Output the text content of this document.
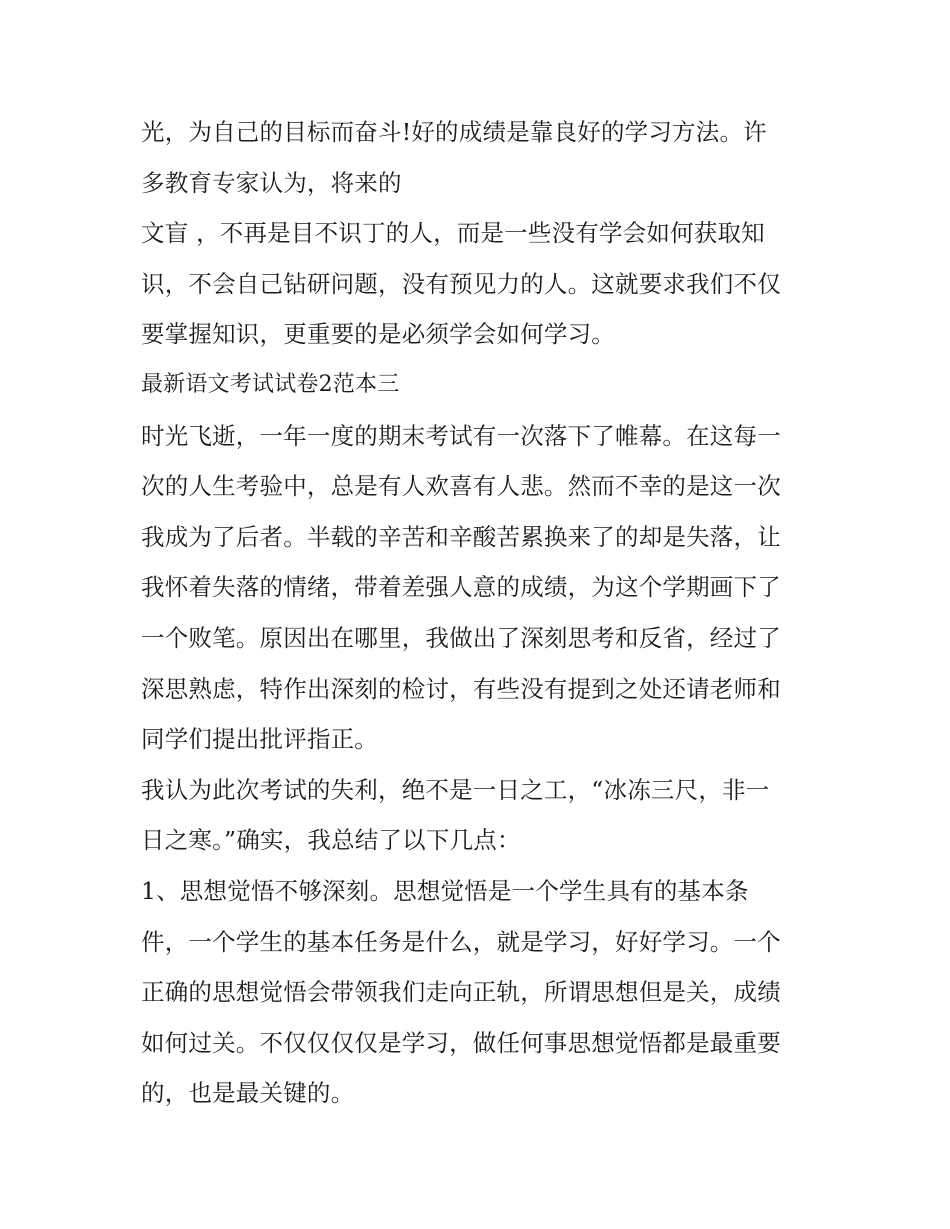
光，为自己的目标而奋斗!好的成绩是靠良好的学习方法。许
多教育专家认为，将来的
文盲 ，不再是目不识丁的人，而是一些没有学会如何获取知
识，不会自己钻研问题，没有预见力的人。这就要求我们不仅
要掌握知识，更重要的是必须学会如何学习。
最新语文考试试卷2范本三
时光飞逝，一年一度的期末考试有一次落下了帷幕。在这每一
次的人生考验中，总是有人欢喜有人悲。然而不幸的是这一次
我成为了后者。半载的辛苦和辛酸苦累换来了的却是失落，让
我怀着失落的情绪，带着差强人意的成绩，为这个学期画下了
一个败笔。原因出在哪里，我做出了深刻思考和反省，经过了
深思熟虑，特作出深刻的检讨，有些没有提到之处还请老师和
同学们提出批评指正。
我认为此次考试的失利，绝不是一日之工，“冰冻三尺，非一
日之寒。”确实，我总结了以下几点：
1、思想觉悟不够深刻。思想觉悟是一个学生具有的基本条
件，一个学生的基本任务是什么，就是学习，好好学习。一个
正确的思想觉悟会带领我们走向正轨，所谓思想但是关，成绩
如何过关。不仅仅仅仅是学习，做任何事思想觉悟都是最重要
的，也是最关键的。
